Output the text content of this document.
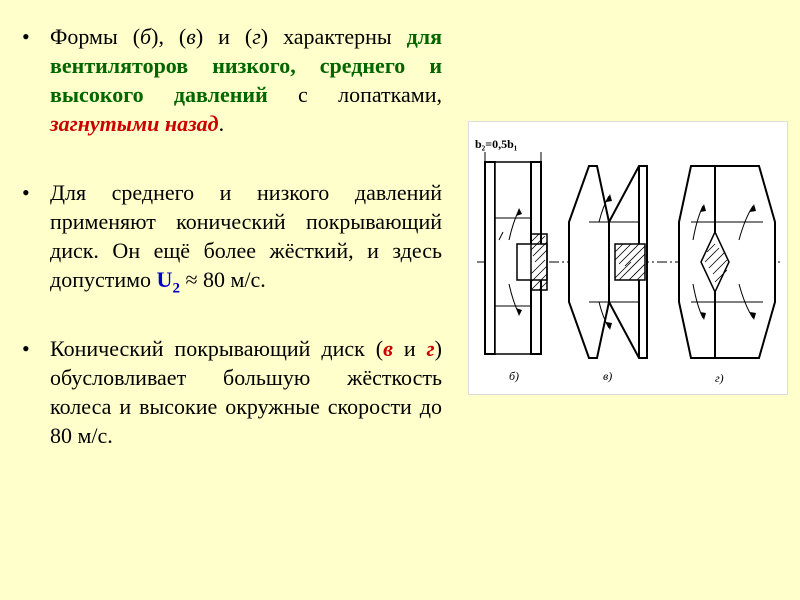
• Формы (б), (в) и (г) характерны для вентиляторов низкого, среднего и высокого давлений с лопатками, загнутыми назад.
• Для среднего и низкого давлений применяют конический покрывающий диск. Он ещё более жёсткий, и здесь допустимо $U_2 \approx 80$ м/с.
• Конический покрывающий диск (в и г) обусловливает большую жёсткость колеса и высокие окружные скорости до 80 м/с.
b₂=0,5b₁
б)	в)	г)
